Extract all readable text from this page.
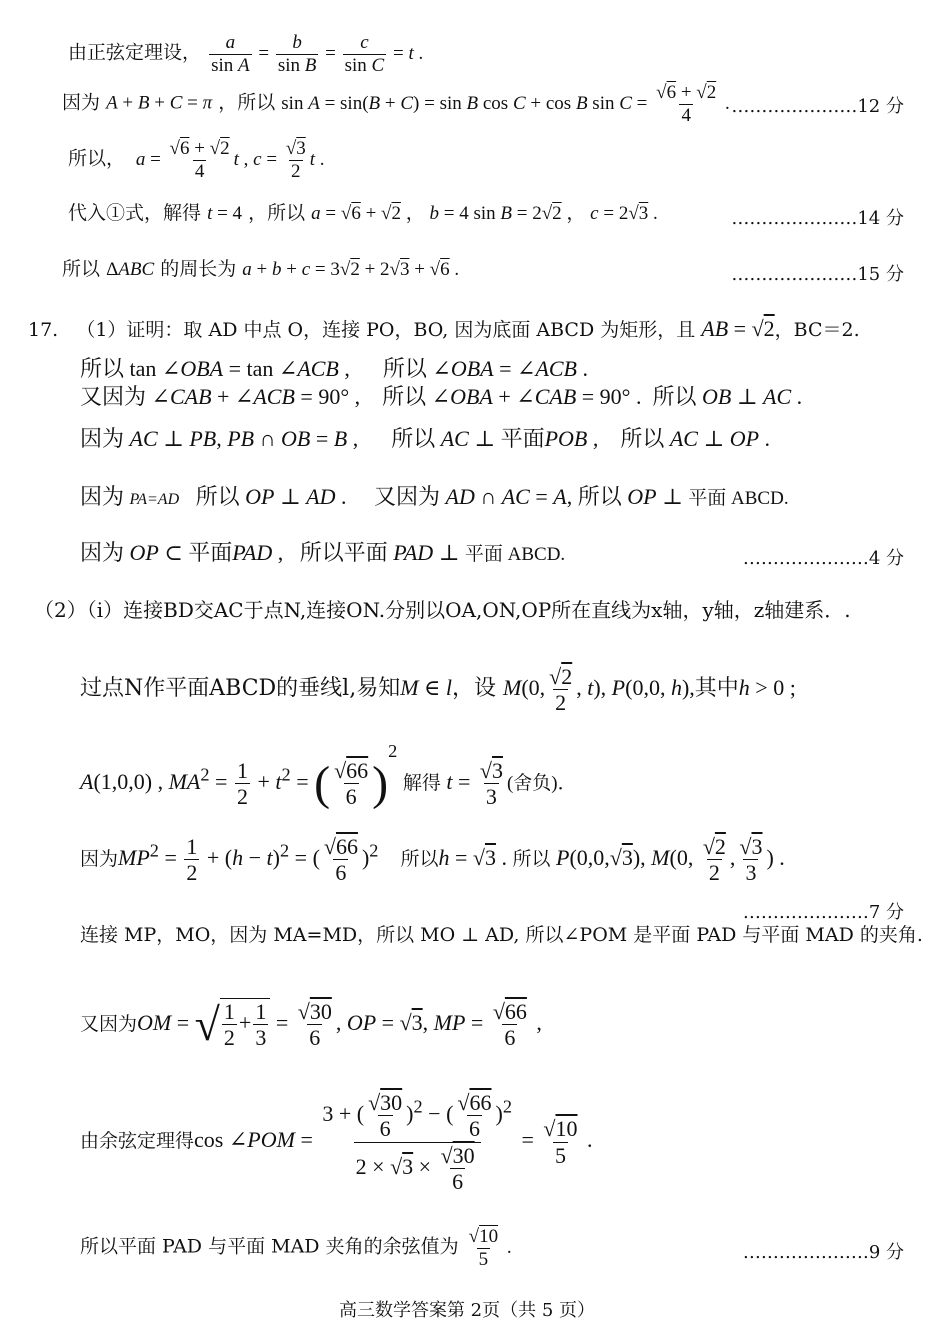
由正弦定理设， $\frac{a}{\text{sin A}} = \frac{b}{\text{sin B}} = \frac{c}{\text{sin C}} = t$ .
因为 A + B + C = π ，所以 sin A = sin(B + C) = sin B cos C + cos B $\sin C = \frac{√6 + √2}{4}$ . …………………12 分
所以， $a = \frac{√6 + √2}{4}$ t , $c = \frac{√3}{2}$ t .
代入①式，解得 t = 4 ，所以 a = √6 + √2 ， b = 4 sin B = 2√2 ， c = 2√3 .	…………………14 分
所以 ΔABC 的周长为 a + b + c = 3√2 + 2√3 + √6 .	…………………15 分
17. （1）证明：取 AD 中点 O，连接 PO，BO, 因为底面 ABCD 为矩形，且 AB = √2，BC＝2.
所以 tan ∠OBA = tan ∠ACB ,      所以 ∠OBA = ∠ACB .
又因为 ∠CAB + ∠ACB = 90° ,    所以 ∠OBA + ∠CAB = 90° .  所以 OB ⊥ AC .
因为 AC ⊥ PB, PB ∩ OB = B ,      所以 AC ⊥ 平面POB ,    所以 AC ⊥ OP .
因为 PA=AD 所以 OP ⊥ AD .     又因为 AD ∩ AC = A, 所以 OP ⊥ 平面 ABCD.
因为 OP ⊂ 平面PAD ,   所以平面 PAD ⊥ 平面 ABCD.	…………………4 分
（2）（ⅰ）连接BD交AC于点N,连接ON.分别以OA,ON,OP所在直线为x轴，y轴，z轴建系．.
过点N作平面ABCD的垂线l,易知M ∈ l，设 M(0, $\frac{√2}{2}$ , t), P(0,0, h),其中h > 0 ;
A(1,0,0) , $MA^2 = \frac{1}{2} + t^2$ = ( $\frac{√66}{6} )^2$ 解得 $t = \frac{√3}{3}$ (舍负)．
因为$MP^2 = \frac{1}{2} + (h - t)^2$ = ( $\frac{√66}{6} )^2$ 所以h = √3 . 所以 P(0,0,√3), M(0, $\frac{√2}{2}$ , $\frac{√3}{3}$ ) .
…………………7 分
连接 MP，MO，因为 MA=MD，所以 MO ⊥ AD, 所以∠POM 是平面 PAD 与平面 MAD 的夹角.
又因为OM = √ $\frac{1}{2} + \frac{1}{3} = \frac{√30}{6}$ , OP = √3, MP = $\frac{√66}{6}$ ,
由余弦定理得cos ∠POM = $\frac{3 + ( \frac{√30}{6} )^2 - ( \frac{√66}{6} )^2}{2 \times √3 \times \frac{√30}{6}} = \frac{√10}{5}$ .
所以平面 PAD 与平面 MAD 夹角的余弦值为 $\frac{√10}{5}$ .	…………………9 分
高三数学答案第 2页（共 5 页）
